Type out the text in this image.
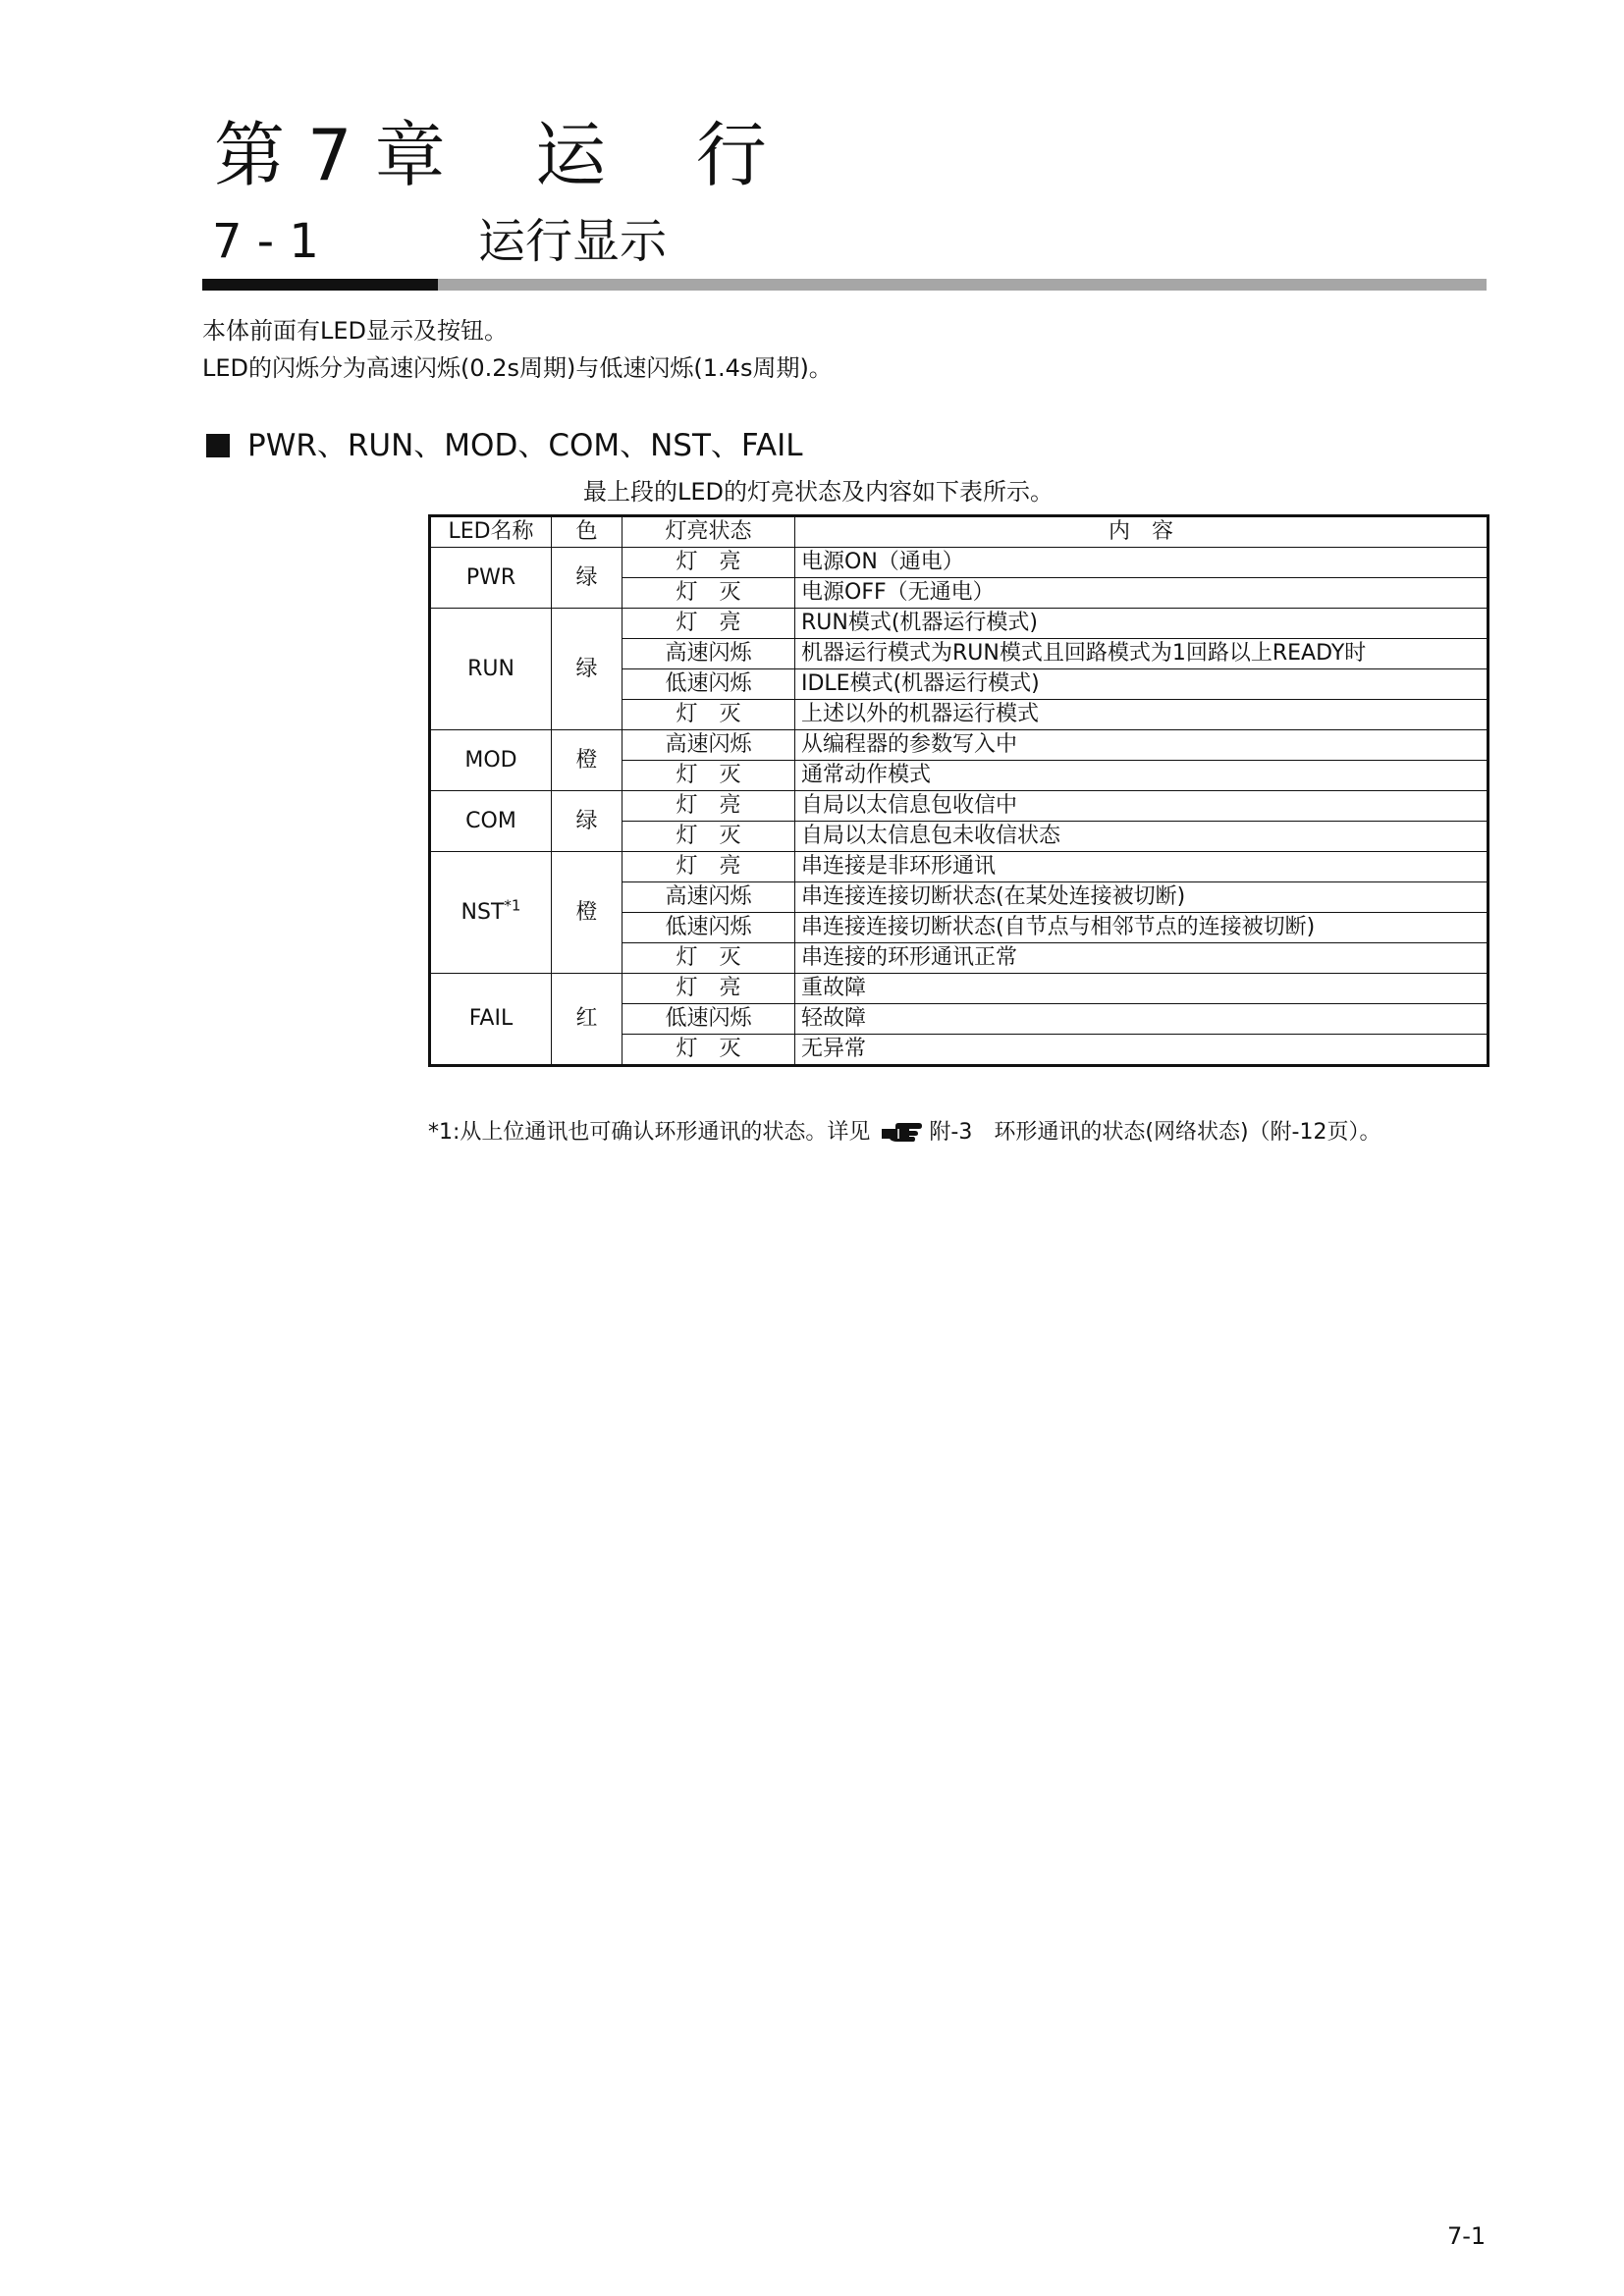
第 7 章 运 行
7 - 1	运行显示

本体前面有LED显示及按钮。

LED的闪烁分为高速闪烁(0.2s周期)与低速闪烁(1.4s周期)。

PWR、RUN、MOD、COM、NST、FAIL
最上段的LED的灯亮状态及内容如下表所示。
LED名称	色	灯亮状态	内　容
PWR	绿	灯　亮	电源ON（通电）
		灯　灭	电源OFF（无通电）
RUN	绿	灯　亮	RUN模式(机器运行模式)
		高速闪烁	机器运行模式为RUN模式且回路模式为1回路以上READY时
		低速闪烁	IDLE模式(机器运行模式)
		灯　灭	上述以外的机器运行模式
MOD	橙	高速闪烁	从编程器的参数写入中
		灯　灭	通常动作模式
COM	绿	灯　亮	自局以太信息包收信中
		灯　灭	自局以太信息包未收信状态
NST$^{*1}$	橙	灯　亮	串连接是非环形通讯
		高速闪烁	串连接连接切断状态(在某处连接被切断)
		低速闪烁	串连接连接切断状态(自节点与相邻节点的连接被切断)
		灯　灭	串连接的环形通讯正常
FAIL	红	灯　亮	重故障
		低速闪烁	轻故障
		灯　灭	无异常
*1:从上位通讯也可确认环形通讯的状态。详见	附-3　环形通讯的状态(网络状态)（附-12页）。
7-1
